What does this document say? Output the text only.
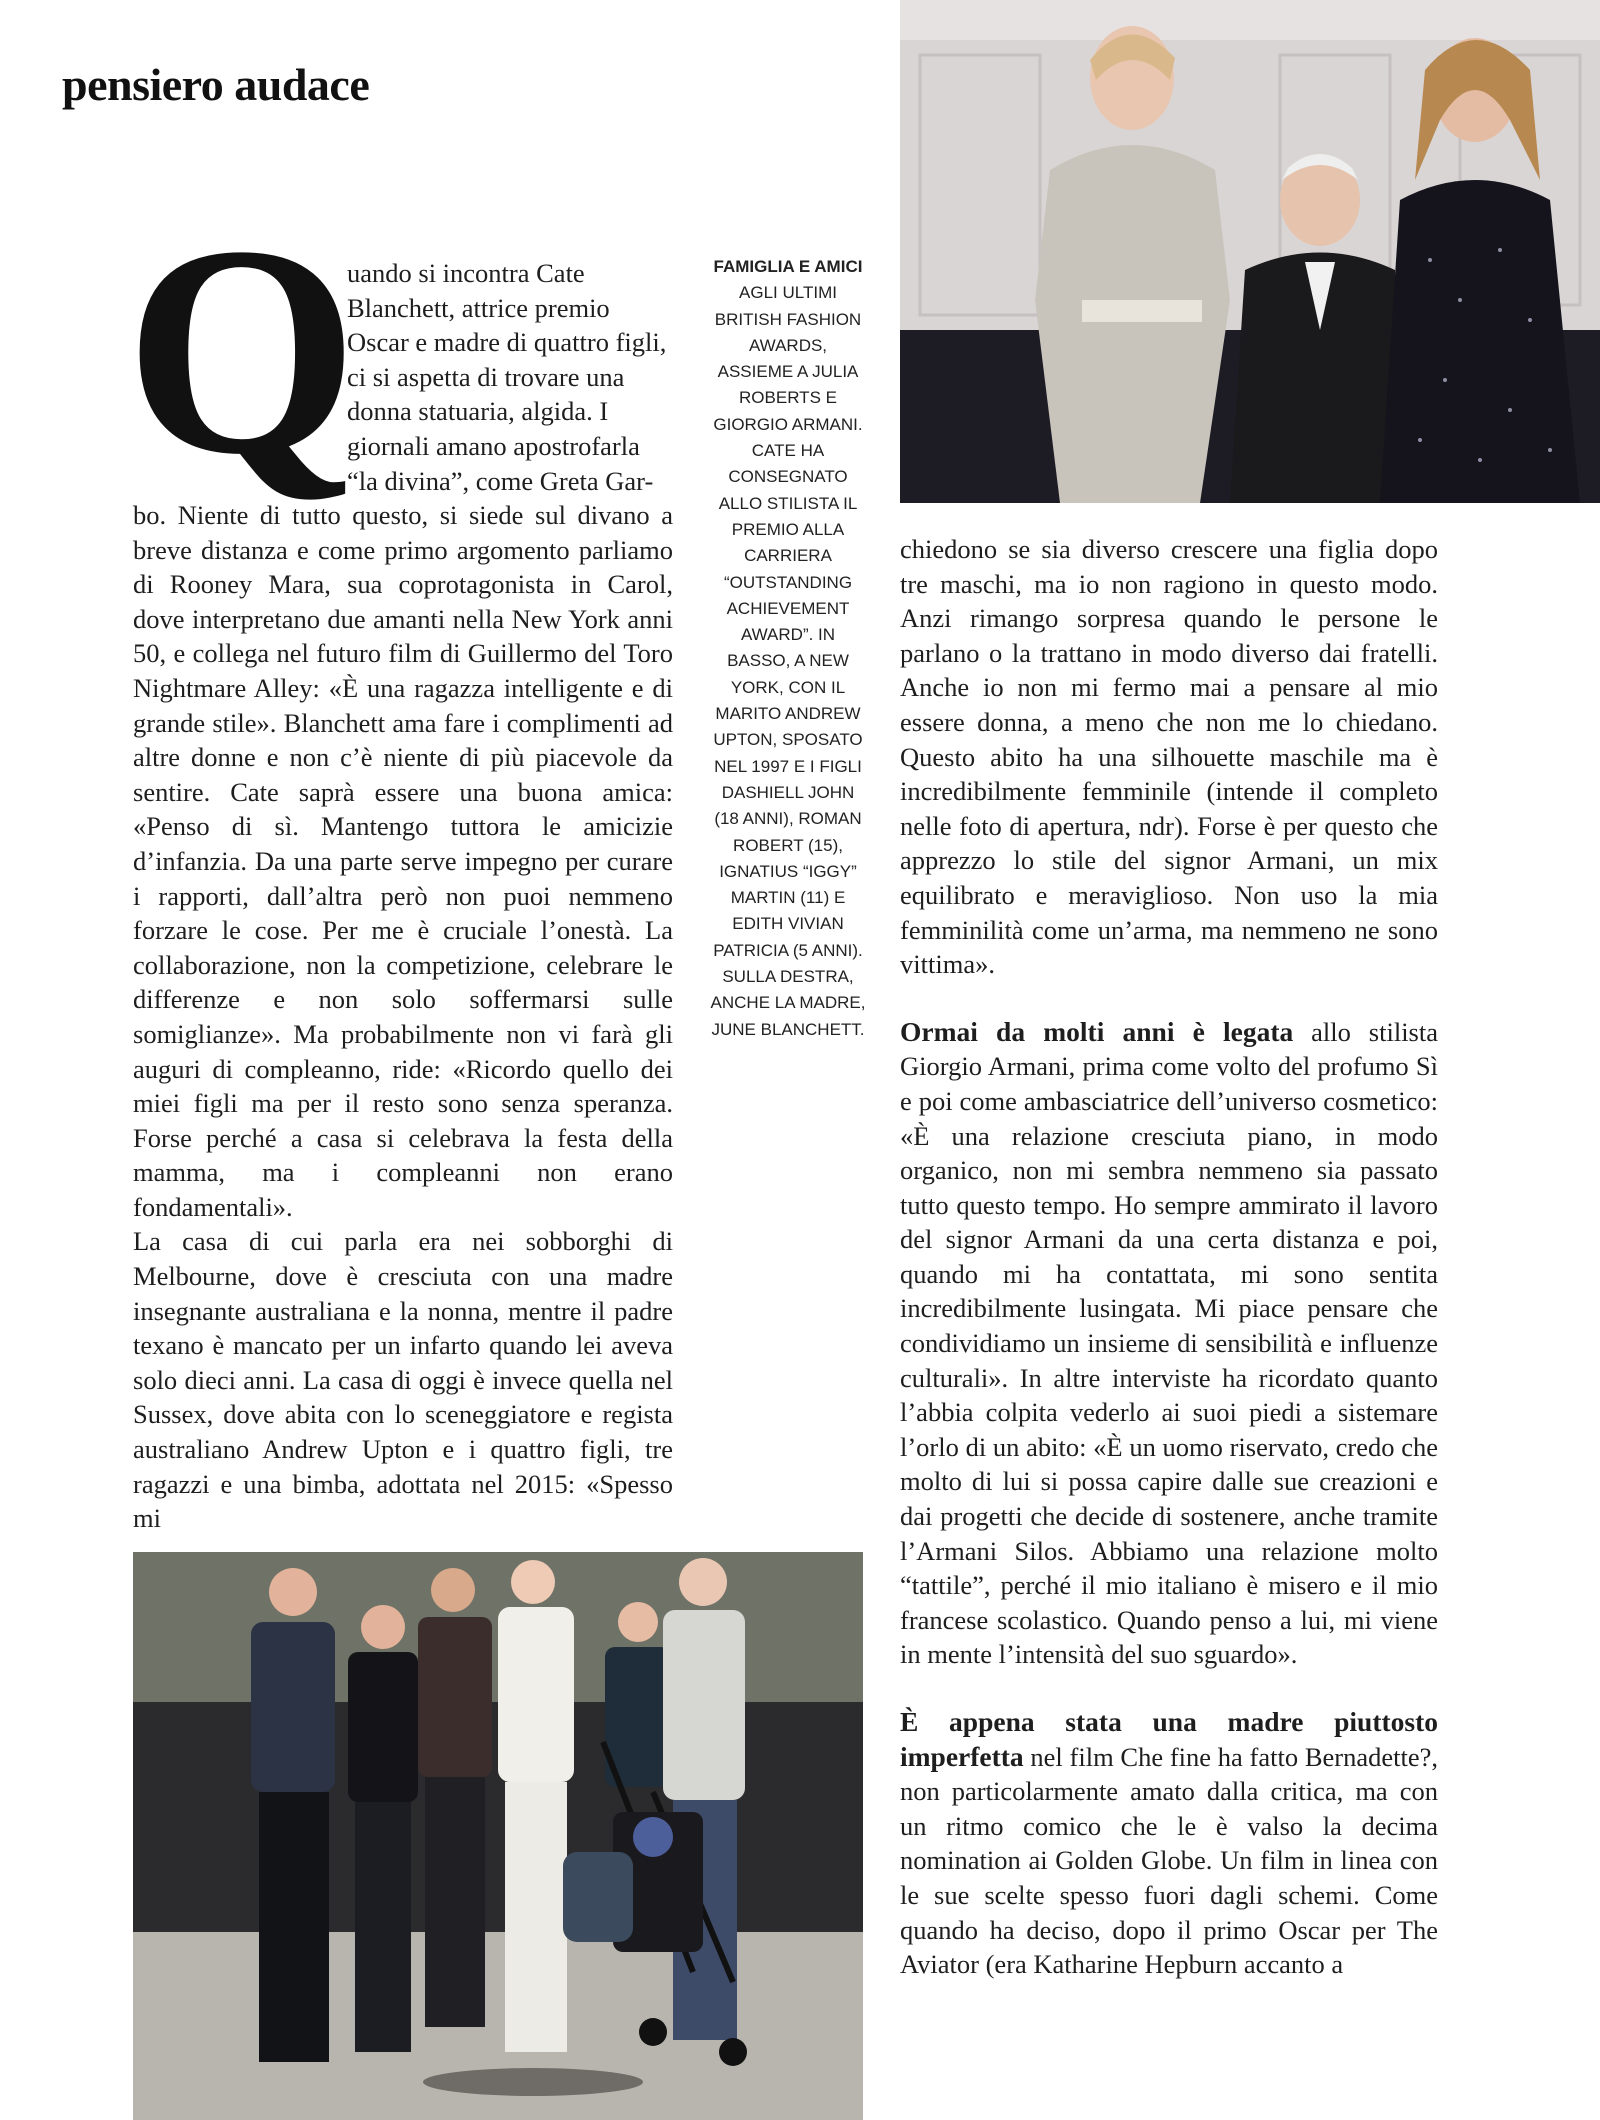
pensiero audace
Q
uando si incontra Cate Blanchett, attrice premio Oscar e madre di quattro figli, ci si aspetta di trovare una donna statuaria, algida. I giornali amano apostrofarla “la divina”, come Greta Gar-

bo. Niente di tutto questo, si siede sul divano a breve distanza e come primo argomento parliamo di Rooney Mara, sua coprotagonista in Carol, dove interpretano due amanti nella New York anni 50, e collega nel futuro film di Guillermo del Toro Nightmare Alley: «È una ragazza intelligente e di grande stile». Blanchett ama fare i complimenti ad altre donne e non c’è niente di più piacevole da sentire. Cate saprà essere una buona amica: «Penso di sì. Mantengo tuttora le amicizie d’infanzia. Da una parte serve impegno per curare i rapporti, dall’altra però non puoi nemmeno forzare le cose. Per me è cruciale l’onestà. La collaborazione, non la competizione, celebrare le differenze e non solo soffermarsi sulle somiglianze». Ma probabilmente non vi farà gli auguri di compleanno, ride: «Ricordo quello dei miei figli ma per il resto sono senza speranza. Forse perché a casa si celebrava la festa della mamma, ma i compleanni non erano fondamentali».

La casa di cui parla era nei sobborghi di Melbourne, dove è cresciuta con una madre insegnante australiana e la nonna, mentre il padre texano è mancato per un infarto quando lei aveva solo dieci anni. La casa di oggi è invece quella nel Sussex, dove abita con lo sceneggiatore e regista australiano Andrew Upton e i quattro figli, tre ragazzi e una bimba, adottata nel 2015: «Spesso mi

FAMIGLIA E AMICI
AGLI ULTIMI BRITISH FASHION AWARDS, ASSIEME A JULIA ROBERTS E GIORGIO ARMANI. CATE HA CONSEGNATO ALLO STILISTA IL PREMIO ALLA CARRIERA “OUTSTANDING ACHIEVEMENT AWARD”. IN BASSO, A NEW YORK, CON IL MARITO ANDREW UPTON, SPOSATO NEL 1997 E I FIGLI DASHIELL JOHN (18 ANNI), ROMAN ROBERT (15), IGNATIUS “IGGY” MARTIN (11) E EDITH VIVIAN PATRICIA (5 ANNI). SULLA DESTRA, ANCHE LA MADRE, JUNE BLANCHETT.

chiedono se sia diverso crescere una figlia dopo tre maschi, ma io non ragiono in questo modo. Anzi rimango sorpresa quando le persone le parlano o la trattano in modo diverso dai fratelli. Anche io non mi fermo mai a pensare al mio essere donna, a meno che non me lo chiedano. Questo abito ha una silhouette maschile ma è incredibilmente femminile (intende il completo nelle foto di apertura, ndr). Forse è per questo che apprezzo lo stile del signor Armani, un mix equilibrato e meraviglioso. Non uso la mia femminilità come un’arma, ma nemmeno ne sono vittima».

Ormai da molti anni è legata allo stilista Giorgio Armani, prima come volto del profumo Sì e poi come ambasciatrice dell’universo cosmetico: «È una relazione cresciuta piano, in modo organico, non mi sembra nemmeno sia passato tutto questo tempo. Ho sempre ammirato il lavoro del signor Armani da una certa distanza e poi, quando mi ha contattata, mi sono sentita incredibilmente lusingata. Mi piace pensare che condividiamo un insieme di sensibilità e influenze culturali». In altre interviste ha ricordato quanto l’abbia colpita vederlo ai suoi piedi a sistemare l’orlo di un abito: «È un uomo riservato, credo che molto di lui si possa capire dalle sue creazioni e dai progetti che decide di sostenere, anche tramite l’Armani Silos. Abbiamo una relazione molto “tattile”, perché il mio italiano è misero e il mio francese scolastico. Quando penso a lui, mi viene in mente l’intensità del suo sguardo».

È appena stata una madre piuttosto imperfetta nel film Che fine ha fatto Bernadette?, non particolarmente amato dalla critica, ma con un ritmo comico che le è valso la decima nomination ai Golden Globe. Un film in linea con le sue scelte spesso fuori dagli schemi. Come quando ha deciso, dopo il primo Oscar per The Aviator (era Katharine Hepburn accanto a
